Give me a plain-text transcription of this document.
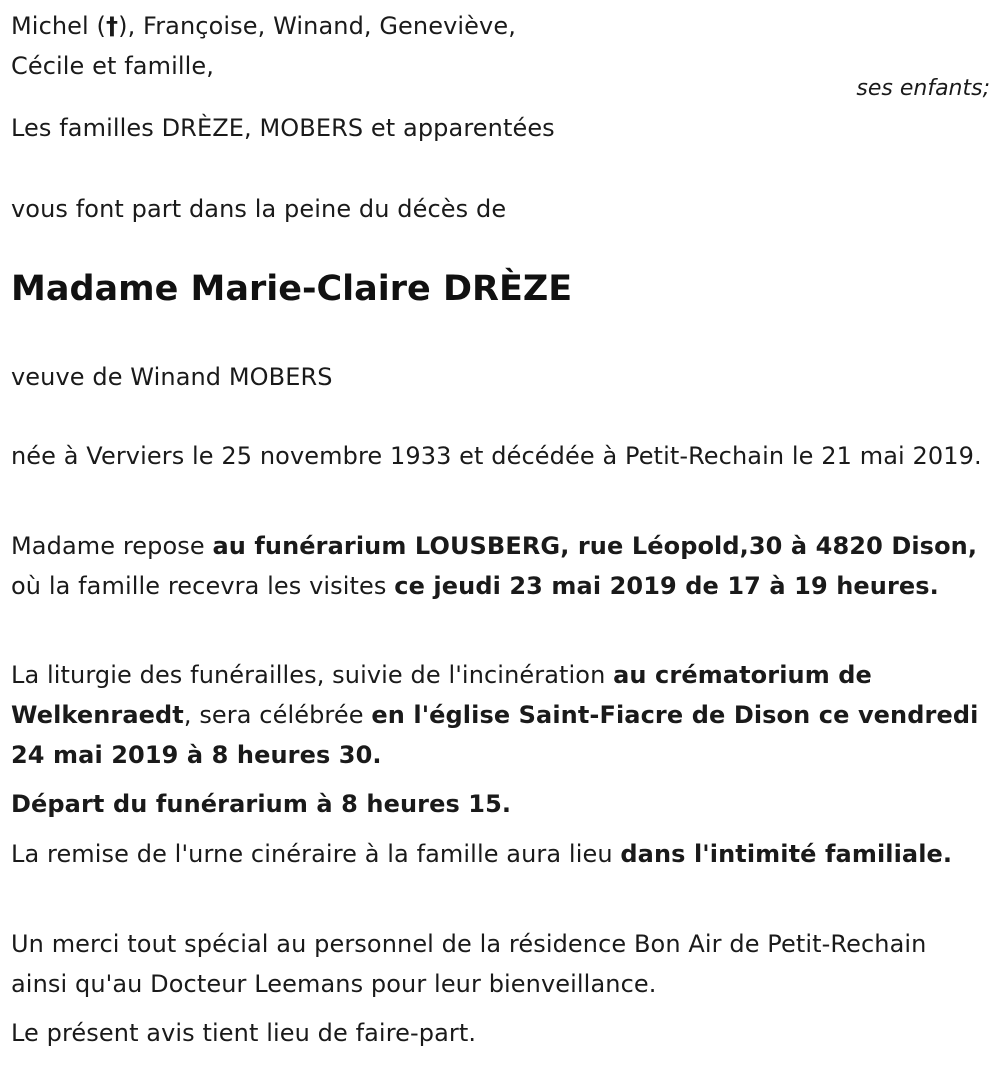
Michel (†), Françoise, Winand, Geneviève,
Cécile et famille,

ses enfants;

Les familles DRÈZE, MOBERS et apparentées

vous font part dans la peine du décès de

Madame Marie-Claire DRÈZE

veuve de Winand MOBERS

née à Verviers le 25 novembre 1933 et décédée à Petit-Rechain le 21 mai 2019.

Madame repose au funérarium LOUSBERG, rue Léopold,30 à 4820 Dison, où la famille recevra les visites ce jeudi 23 mai 2019 de 17 à 19 heures.

La liturgie des funérailles, suivie de l'incinération au crématorium de Welkenraedt, sera célébrée en l'église Saint-Fiacre de Dison ce vendredi 24 mai 2019 à 8 heures 30.

Départ du funérarium à 8 heures 15.

La remise de l'urne cinéraire à la famille aura lieu dans l'intimité familiale.

Un merci tout spécial au personnel de la résidence Bon Air de Petit-Rechain ainsi qu'au Docteur Leemans pour leur bienveillance.

Le présent avis tient lieu de faire-part.
